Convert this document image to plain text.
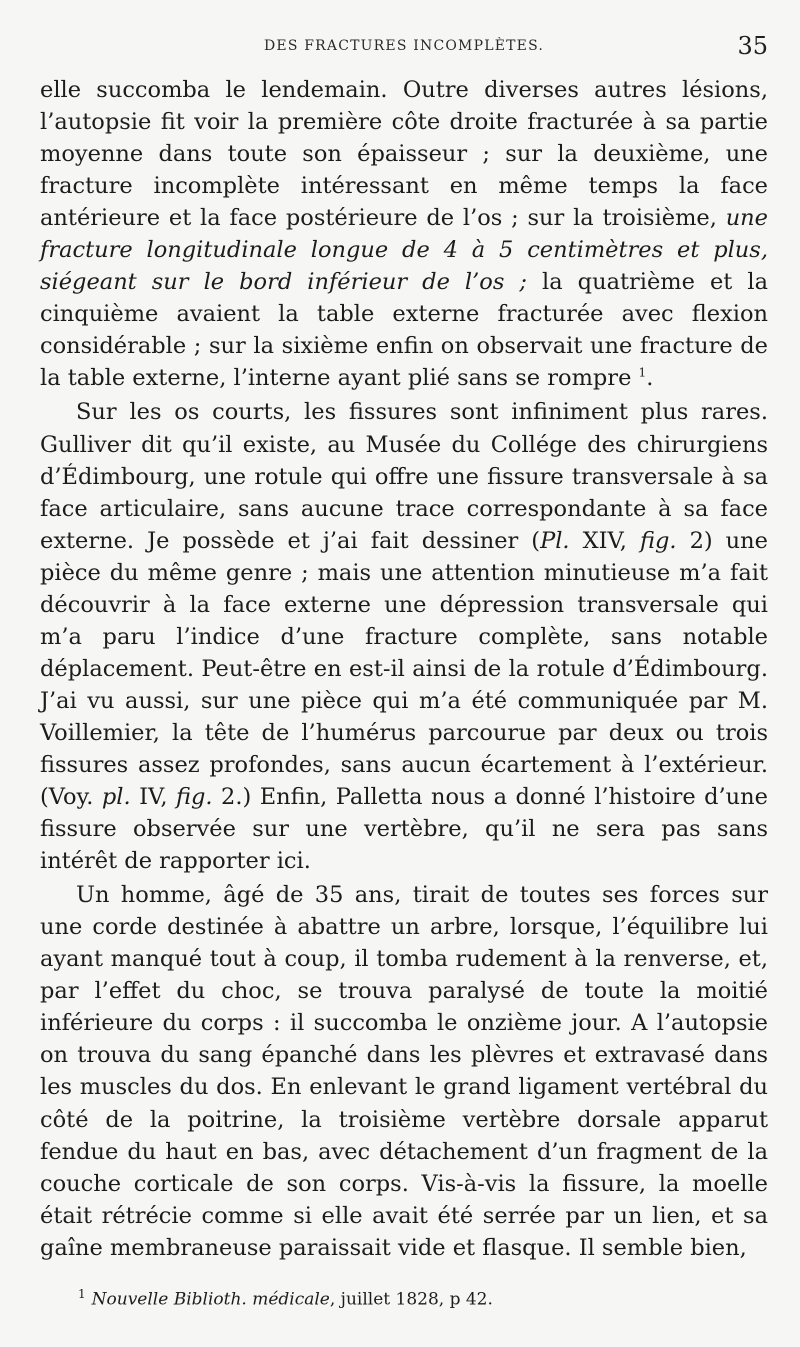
DES FRACTURES INCOMPLÈTES.	35

elle succomba le lendemain. Outre diverses autres lésions, l’autopsie fit voir la première côte droite fracturée à sa partie moyenne dans toute son épaisseur ; sur la deuxième, une fracture incomplète intéressant en même temps la face antérieure et la face postérieure de l’os ; sur la troisième, une fracture longitudinale longue de 4 à 5 centimètres et plus, siégeant sur le bord inférieur de l’os ; la quatrième et la cinquième avaient la table externe fracturée avec flexion considérable ; sur la sixième enfin on observait une fracture de la table externe, l’interne ayant plié sans se rompre $^1$.

Sur les os courts, les fissures sont infiniment plus rares. Gulliver dit qu’il existe, au Musée du Collége des chirurgiens d’Édimbourg, une rotule qui offre une fissure transversale à sa face articulaire, sans aucune trace correspondante à sa face externe. Je possède et j’ai fait dessiner (Pl. XIV, fig. 2) une pièce du même genre ; mais une attention minutieuse m’a fait découvrir à la face externe une dépression transversale qui m’a paru l’indice d’une fracture complète, sans notable déplacement. Peut-être en est-il ainsi de la rotule d’Édimbourg. J’ai vu aussi, sur une pièce qui m’a été communiquée par M. Voillemier, la tête de l’humérus parcourue par deux ou trois fissures assez profondes, sans aucun écartement à l’extérieur. (Voy. pl. IV, fig. 2.) Enfin, Palletta nous a donné l’histoire d’une fissure observée sur une vertèbre, qu’il ne sera pas sans intérêt de rapporter ici.

Un homme, âgé de 35 ans, tirait de toutes ses forces sur une corde destinée à abattre un arbre, lorsque, l’équilibre lui ayant manqué tout à coup, il tomba rudement à la renverse, et, par l’effet du choc, se trouva paralysé de toute la moitié inférieure du corps : il succomba le onzième jour. A l’autopsie on trouva du sang épanché dans les plèvres et extravasé dans les muscles du dos. En enlevant le grand ligament vertébral du côté de la poitrine, la troisième vertèbre dorsale apparut fendue du haut en bas, avec détachement d’un fragment de la couche corticale de son corps. Vis-à-vis la fissure, la moelle était rétrécie comme si elle avait été serrée par un lien, et sa gaîne membraneuse paraissait vide et flasque. Il semble bien,

$^1$ Nouvelle Biblioth. médicale, juillet 1828, p 42.
